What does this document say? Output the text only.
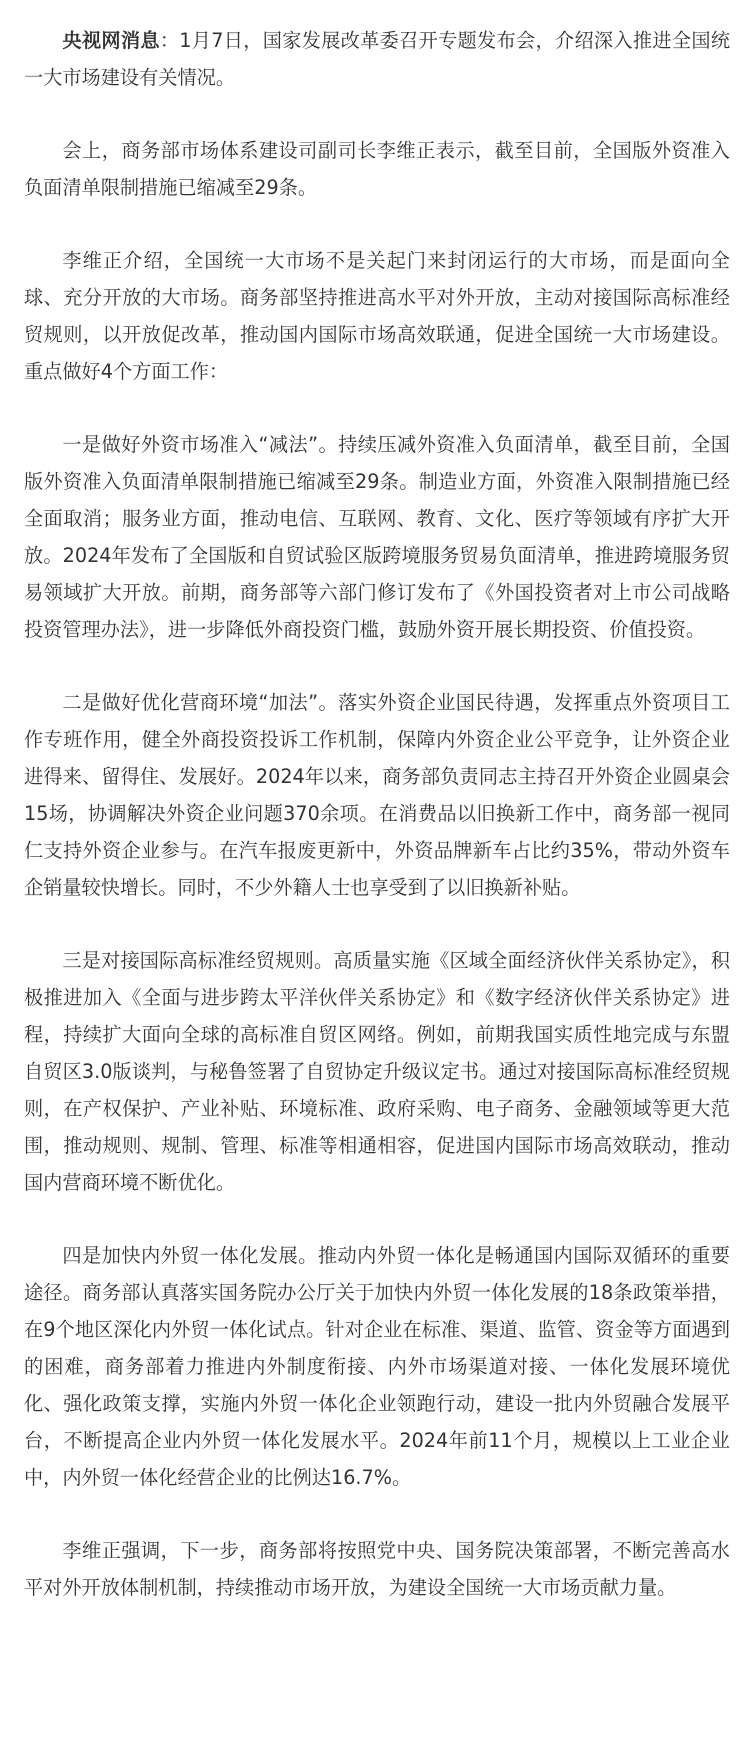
央视网消息：1月7日，国家发展改革委召开专题发布会，介绍深入推进全国统一大市场建设有关情况。

会上，商务部市场体系建设司副司长李维正表示，截至目前，全国版外资准入负面清单限制措施已缩减至29条。

李维正介绍，全国统一大市场不是关起门来封闭运行的大市场，而是面向全球、充分开放的大市场。商务部坚持推进高水平对外开放，主动对接国际高标准经贸规则，以开放促改革，推动国内国际市场高效联通，促进全国统一大市场建设。重点做好4个方面工作：

一是做好外资市场准入“减法”。持续压减外资准入负面清单，截至目前，全国版外资准入负面清单限制措施已缩减至29条。制造业方面，外资准入限制措施已经全面取消；服务业方面，推动电信、互联网、教育、文化、医疗等领域有序扩大开放。2024年发布了全国版和自贸试验区版跨境服务贸易负面清单，推进跨境服务贸易领域扩大开放。前期，商务部等六部门修订发布了《外国投资者对上市公司战略投资管理办法》，进一步降低外商投资门槛，鼓励外资开展长期投资、价值投资。

二是做好优化营商环境“加法”。落实外资企业国民待遇，发挥重点外资项目工作专班作用，健全外商投资投诉工作机制，保障内外资企业公平竞争，让外资企业进得来、留得住、发展好。2024年以来，商务部负责同志主持召开外资企业圆桌会15场，协调解决外资企业问题370余项。在消费品以旧换新工作中，商务部一视同仁支持外资企业参与。在汽车报废更新中，外资品牌新车占比约35%，带动外资车企销量较快增长。同时，不少外籍人士也享受到了以旧换新补贴。

三是对接国际高标准经贸规则。高质量实施《区域全面经济伙伴关系协定》，积极推进加入《全面与进步跨太平洋伙伴关系协定》和《数字经济伙伴关系协定》进程，持续扩大面向全球的高标准自贸区网络。例如，前期我国实质性地完成与东盟自贸区3.0版谈判，与秘鲁签署了自贸协定升级议定书。通过对接国际高标准经贸规则，在产权保护、产业补贴、环境标准、政府采购、电子商务、金融领域等更大范围，推动规则、规制、管理、标准等相通相容，促进国内国际市场高效联动，推动国内营商环境不断优化。

四是加快内外贸一体化发展。推动内外贸一体化是畅通国内国际双循环的重要途径。商务部认真落实国务院办公厅关于加快内外贸一体化发展的18条政策举措，在9个地区深化内外贸一体化试点。针对企业在标准、渠道、监管、资金等方面遇到的困难，商务部着力推进内外制度衔接、内外市场渠道对接、一体化发展环境优化、强化政策支撑，实施内外贸一体化企业领跑行动，建设一批内外贸融合发展平台，不断提高企业内外贸一体化发展水平。2024年前11个月，规模以上工业企业中，内外贸一体化经营企业的比例达16.7%。

李维正强调，下一步，商务部将按照党中央、国务院决策部署，不断完善高水平对外开放体制机制，持续推动市场开放，为建设全国统一大市场贡献力量。
